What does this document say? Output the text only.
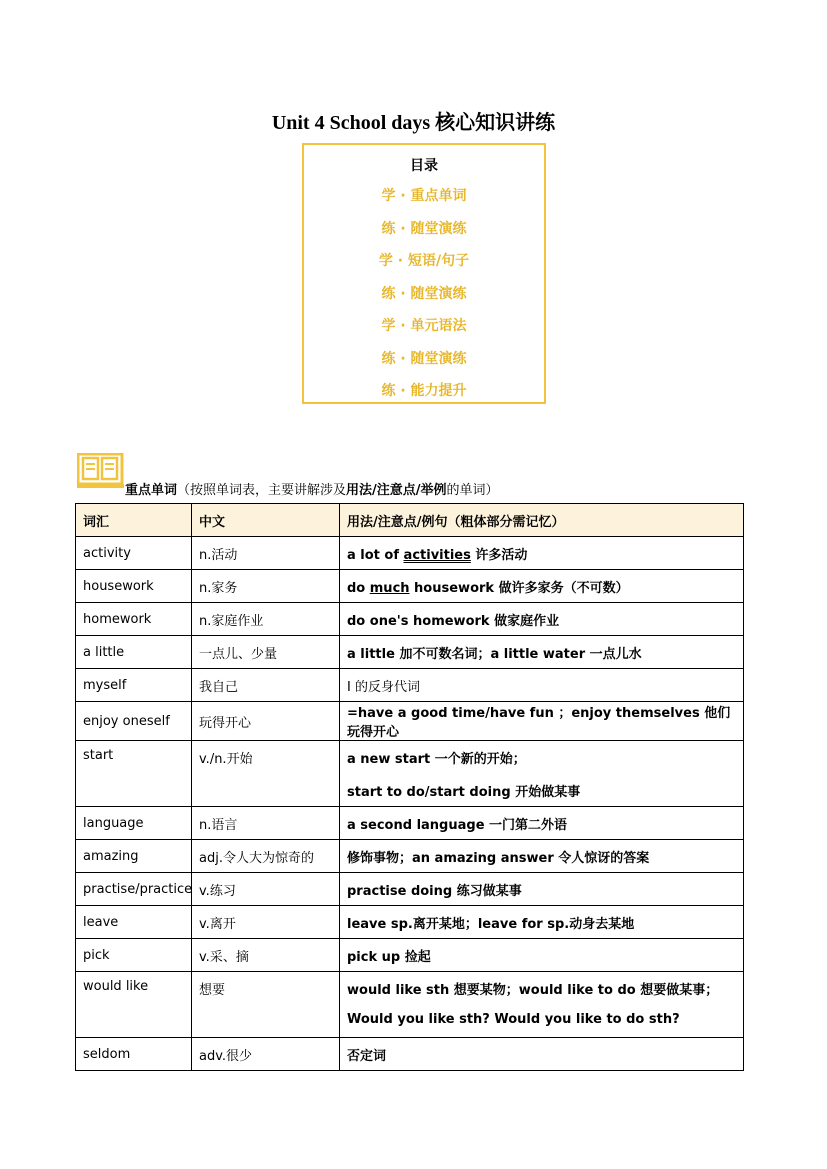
Unit 4 School days 核心知识讲练
目录
学 · 重点单词
练 · 随堂演练
学 · 短语/句子
练 · 随堂演练
学 · 单元语法
练 · 随堂演练
练 · 能力提升
重点单词（按照单词表，主要讲解涉及用法/注意点/举例的单词）
词汇	中文	用法/注意点/例句（粗体部分需记忆）
activity	n.活动	a lot of activities 许多活动
housework	n.家务	do much housework 做许多家务（不可数）
homework	n.家庭作业	do one's homework 做家庭作业
a little	一点儿、少量	a little 加不可数名词；a little water 一点儿水
myself	我自己	I 的反身代词
enjoy oneself	玩得开心	=have a good time/have fun ；enjoy themselves 他们玩得开心
start	v./n.开始	a new start 一个新的开始；
start to do/start doing 开始做某事

language	n.语言	a second language 一门第二外语
amazing	adj.令人大为惊奇的	修饰事物；an amazing answer 令人惊讶的答案
practise/practice	v.练习	practise doing 练习做某事
leave	v.离开	leave sp.离开某地；leave for sp.动身去某地
pick	v.采、摘	pick up 捡起
would like	想要	would like sth 想要某物；would like to do 想要做某事；
Would you like sth? Would you like to do sth?

seldom	adv.很少	否定词
